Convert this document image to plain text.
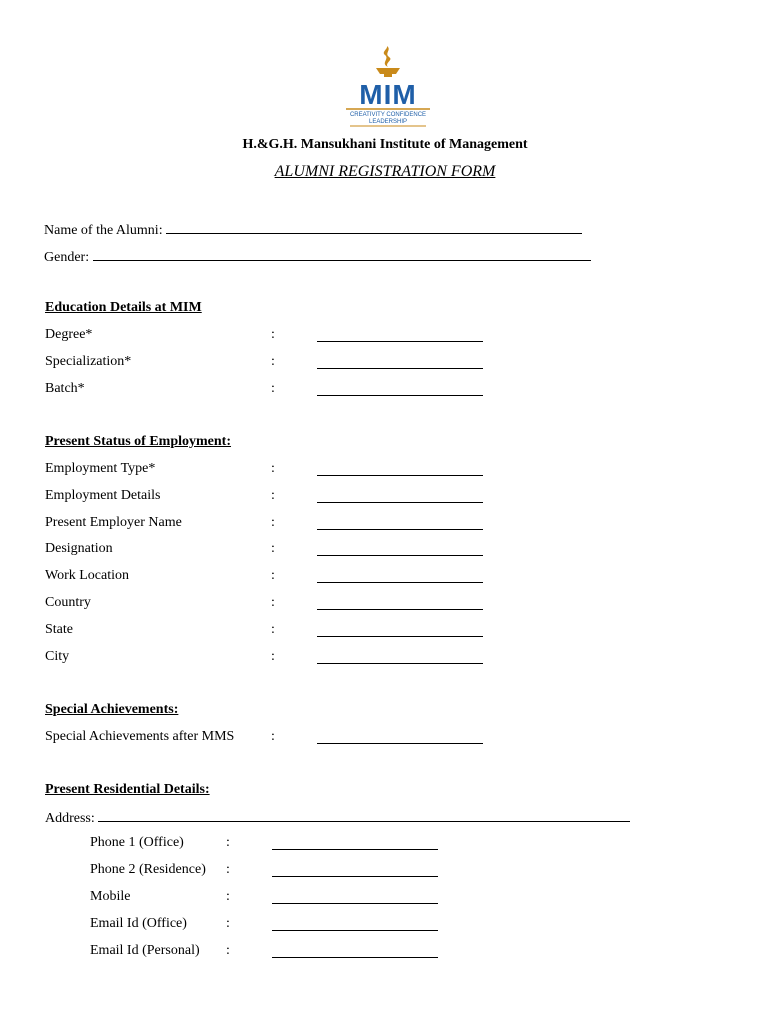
MIM
CREATIVITY CONFIDENCE
LEADERSHIP
H.&G.H. Mansukhani Institute of Management
ALUMNI REGISTRATION FORM
Name of the Alumni:
Gender:
Education Details at MIM
Degree*	:
Specialization*	:
Batch*	:
Present Status of Employment:
Employment Type*	:
Employment Details	:
Present Employer Name	:
Designation	:
Work Location	:
Country	:
State	:
City	:
Special Achievements:
Special Achievements after MMS	:
Present Residential Details:
Address:
Phone 1 (Office)	:
Phone 2 (Residence) :
Mobile	:
Email Id (Office)	:
Email Id (Personal) :
